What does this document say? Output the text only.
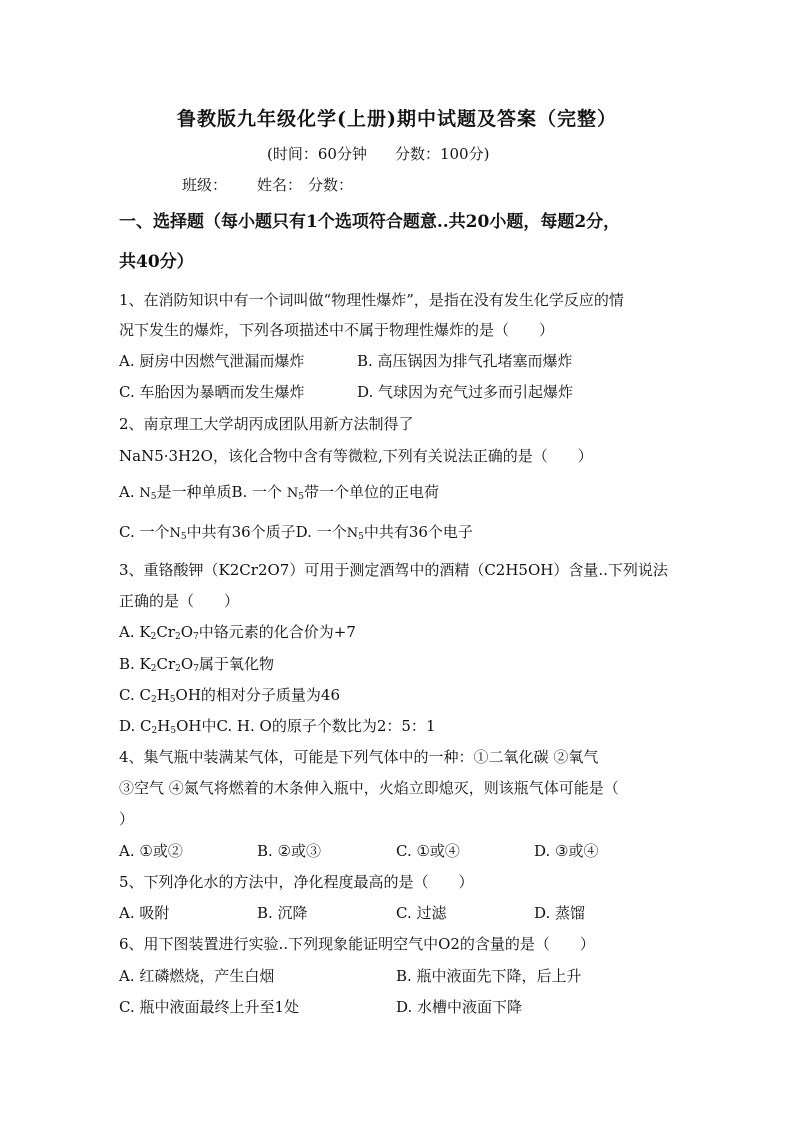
鲁教版九年级化学(上册)期中试题及答案（完整）
(时间：60分钟 分数：100分)
班级： 姓名： 分数：
一、选择题（每小题只有1个选项符合题意..共20小题，每题2分，
共40分）
1、在消防知识中有一个词叫做“物理性爆炸”，是指在没有发生化学反应的情
况下发生的爆炸，下列各项描述中不属于物理性爆炸的是（　　）
A. 厨房中因燃气泄漏而爆炸	B. 高压锅因为排气孔堵塞而爆炸
C. 车胎因为暴晒而发生爆炸	D. 气球因为充气过多而引起爆炸
2、南京理工大学胡丙成团队用新方法制得了
NaN5·3H2O，该化合物中含有等微粒,下列有关说法正确的是（　　）
A. $N_5$是一种单质B. 一个 $N_5$带一个单位的正电荷
C. 一个$N_5$中共有36个质子D. 一个$N_5$中共有36个电子
3、重铬酸钾（K2Cr2O7）可用于测定酒驾中的酒精（C2H5OH）含量..下列说法
正确的是（　　）
A. $K_2Cr_2O_7$中铬元素的化合价为+7
B. $K_2Cr_2O_7$属于氧化物
C. $C_2H_5OH$的相对分子质量为46
D. $C_2H_5OH$中C. H. O的原子个数比为2：5：1
4、集气瓶中装满某气体，可能是下列气体中的一种：①二氧化碳 ②氧气
③空气 ④氮气将燃着的木条伸入瓶中，火焰立即熄灭，则该瓶气体可能是（
）
A. ①或②	B. ②或③	C. ①或④	D. ③或④
5、下列净化水的方法中，净化程度最高的是（　　）
A. 吸附	B. 沉降	C. 过滤	D. 蒸馏
6、用下图装置进行实验..下列现象能证明空气中O2的含量的是（　　）
A. 红磷燃烧，产生白烟	B. 瓶中液面先下降，后上升
C. 瓶中液面最终上升至1处	D. 水槽中液面下降
